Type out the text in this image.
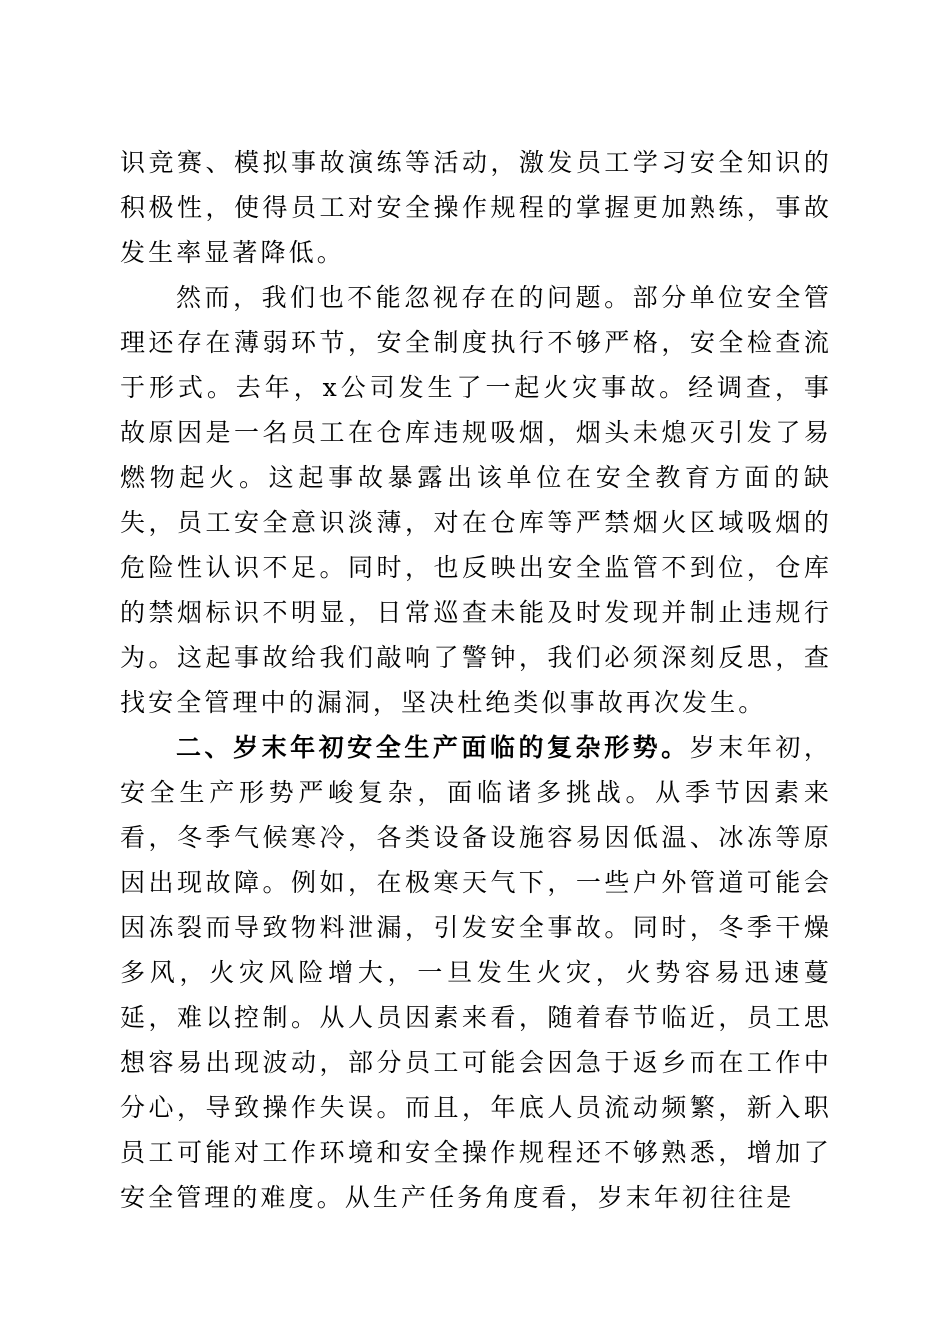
识竞赛、模拟事故演练等活动，激发员工学习安全知识的积极性，使得员工对安全操作规程的掌握更加熟练，事故发生率显著降低。

然而，我们也不能忽视存在的问题。部分单位安全管理还存在薄弱环节，安全制度执行不够严格，安全检查流于形式。去年，x公司发生了一起火灾事故。经调查，事故原因是一名员工在仓库违规吸烟，烟头未熄灭引发了易燃物起火。这起事故暴露出该单位在安全教育方面的缺失，员工安全意识淡薄，对在仓库等严禁烟火区域吸烟的危险性认识不足。同时，也反映出安全监管不到位，仓库的禁烟标识不明显，日常巡查未能及时发现并制止违规行为。这起事故给我们敲响了警钟，我们必须深刻反思，查找安全管理中的漏洞，坚决杜绝类似事故再次发生。

二、岁末年初安全生产面临的复杂形势。岁末年初，安全生产形势严峻复杂，面临诸多挑战。从季节因素来看，冬季气候寒冷，各类设备设施容易因低温、冰冻等原因出现故障。例如，在极寒天气下，一些户外管道可能会因冻裂而导致物料泄漏，引发安全事故。同时，冬季干燥多风，火灾风险增大，一旦发生火灾，火势容易迅速蔓延，难以控制。从人员因素来看，随着春节临近，员工思想容易出现波动，部分员工可能会因急于返乡而在工作中分心，导致操作失误。而且，年底人员流动频繁，新入职员工可能对工作环境和安全操作规程还不够熟悉，增加了安全管理的难度。从生产任务角度看，岁末年初往往是
